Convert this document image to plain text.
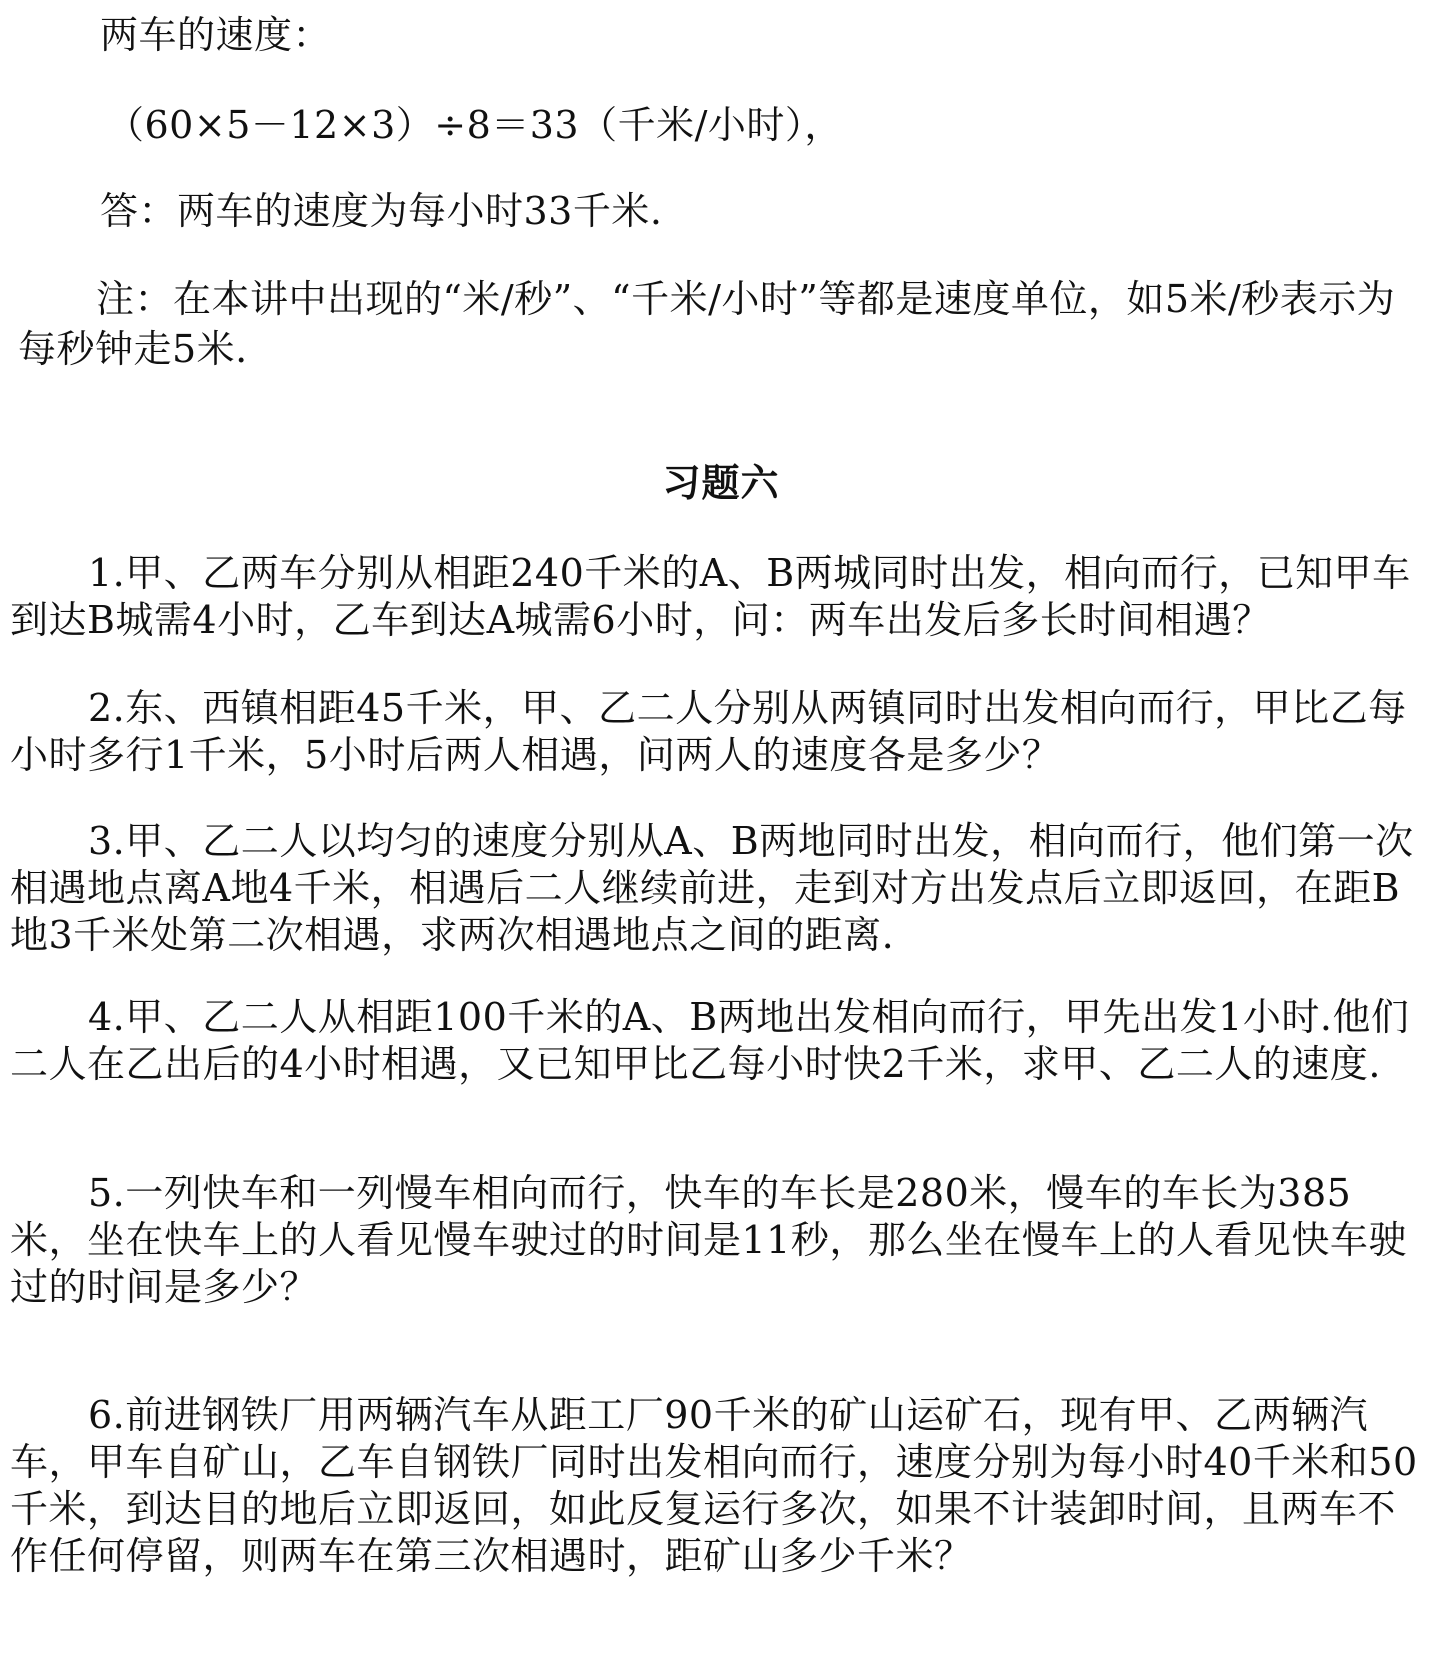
两车的速度：
（60×5－12×3）÷8＝33（千米/小时），
答：两车的速度为每小时33千米.
注：在本讲中出现的“米/秒”、“千米/小时”等都是速度单位，如5米/秒表示为每秒钟走5米.
习题六
1.甲、乙两车分别从相距240千米的A、B两城同时出发，相向而行，已知甲车到达B城需4小时，乙车到达A城需6小时，问：两车出发后多长时间相遇？
2.东、西镇相距45千米，甲、乙二人分别从两镇同时出发相向而行，甲比乙每小时多行1千米，5小时后两人相遇，问两人的速度各是多少？
3.甲、乙二人以均匀的速度分别从A、B两地同时出发，相向而行，他们第一次相遇地点离A地4千米，相遇后二人继续前进，走到对方出发点后立即返回，在距B地3千米处第二次相遇，求两次相遇地点之间的距离.
4.甲、乙二人从相距100千米的A、B两地出发相向而行，甲先出发1小时.他们二人在乙出后的4小时相遇，又已知甲比乙每小时快2千米，求甲、乙二人的速度.
5.一列快车和一列慢车相向而行，快车的车长是280米，慢车的车长为385米，坐在快车上的人看见慢车驶过的时间是11秒，那么坐在慢车上的人看见快车驶过的时间是多少？
6.前进钢铁厂用两辆汽车从距工厂90千米的矿山运矿石，现有甲、乙两辆汽车，甲车自矿山，乙车自钢铁厂同时出发相向而行，速度分别为每小时40千米和50千米，到达目的地后立即返回，如此反复运行多次，如果不计装卸时间，且两车不作任何停留，则两车在第三次相遇时，距矿山多少千米？
